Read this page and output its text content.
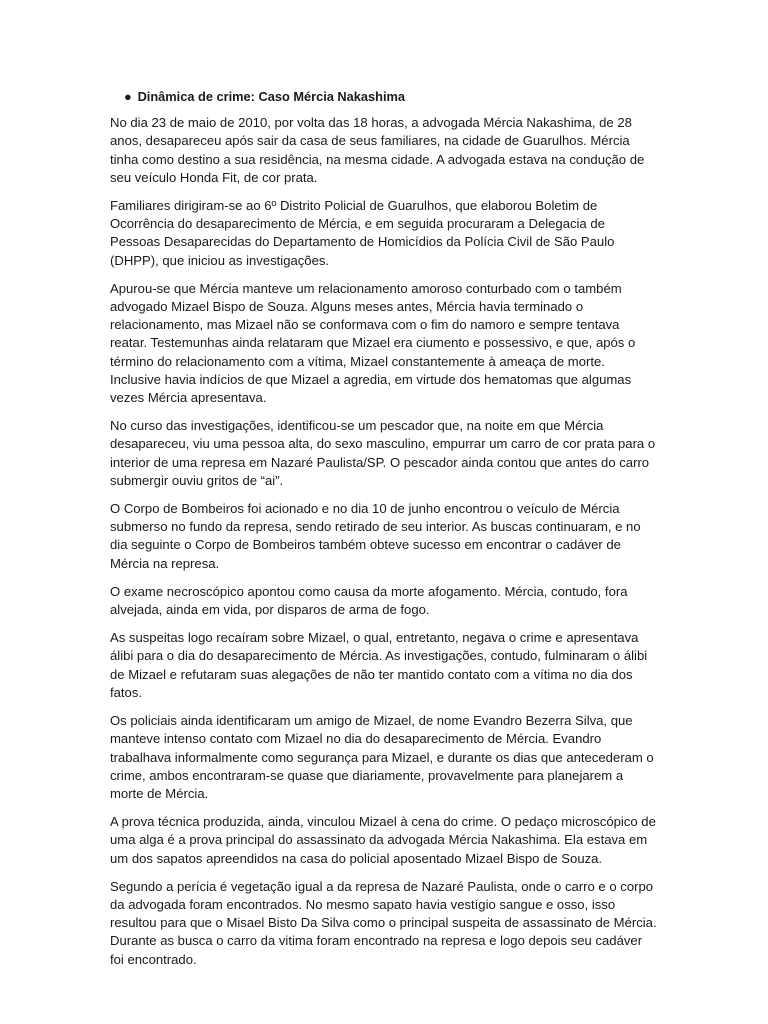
● Dinâmica de crime: Caso Mércia Nakashima

No dia 23 de maio de 2010, por volta das 18 horas, a advogada Mércia Nakashima, de 28 anos, desapareceu após sair da casa de seus familiares, na cidade de Guarulhos. Mércia tinha como destino a sua residência, na mesma cidade. A advogada estava na condução de seu veículo Honda Fit, de cor prata.

Familiares dirigiram-se ao 6º Distrito Policial de Guarulhos, que elaborou Boletim de Ocorrência do desaparecimento de Mércia, e em seguida procuraram a Delegacia de Pessoas Desaparecidas do Departamento de Homicídios da Polícia Civil de São Paulo (DHPP), que iniciou as investigações.

Apurou-se que Mércia manteve um relacionamento amoroso conturbado com o também advogado Mizael Bispo de Souza. Alguns meses antes, Mércia havia terminado o relacionamento, mas Mizael não se conformava com o fim do namoro e sempre tentava reatar. Testemunhas ainda relataram que Mizael era ciumento e possessivo, e que, após o término do relacionamento com a vítima, Mizael constantemente à ameaça de morte. Inclusive havia indícios de que Mizael a agredia, em virtude dos hematomas que algumas vezes Mércia apresentava.

No curso das investigações, identificou-se um pescador que, na noite em que Mércia desapareceu, viu uma pessoa alta, do sexo masculino, empurrar um carro de cor prata para o interior de uma represa em Nazaré Paulista/SP. O pescador ainda contou que antes do carro submergir ouviu gritos de “ai”.

O Corpo de Bombeiros foi acionado e no dia 10 de junho encontrou o veículo de Mércia submerso no fundo da represa, sendo retirado de seu interior. As buscas continuaram, e no dia seguinte o Corpo de Bombeiros também obteve sucesso em encontrar o cadáver de Mércia na represa.

O exame necroscópico apontou como causa da morte afogamento. Mércia, contudo, fora alvejada, ainda em vida, por disparos de arma de fogo.

As suspeitas logo recaíram sobre Mizael, o qual, entretanto, negava o crime e apresentava álibi para o dia do desaparecimento de Mércia. As investigações, contudo, fulminaram o álibi de Mizael e refutaram suas alegações de não ter mantido contato com a vítima no dia dos fatos.

Os policiais ainda identificaram um amigo de Mizael, de nome Evandro Bezerra Silva, que manteve intenso contato com Mizael no dia do desaparecimento de Mércia. Evandro trabalhava informalmente como segurança para Mizael, e durante os dias que antecederam o crime, ambos encontraram-se quase que diariamente, provavelmente para planejarem a morte de Mércia.

A prova técnica produzida, ainda, vinculou Mizael à cena do crime. O pedaço microscópico de uma alga é a prova principal do assassinato da advogada Mércia Nakashima. Ela estava em um dos sapatos apreendidos na casa do policial aposentado Mizael Bispo de Souza.

Segundo a perícia é vegetação igual a da represa de Nazaré Paulista, onde o carro e o corpo da advogada foram encontrados. No mesmo sapato havia vestígio sangue e osso, isso resultou para que o Misael Bisto Da Silva como o principal suspeita de assassinato de Mércia. Durante as busca o carro da vitima foram encontrado na represa e logo depois seu cadáver foi encontrado.
